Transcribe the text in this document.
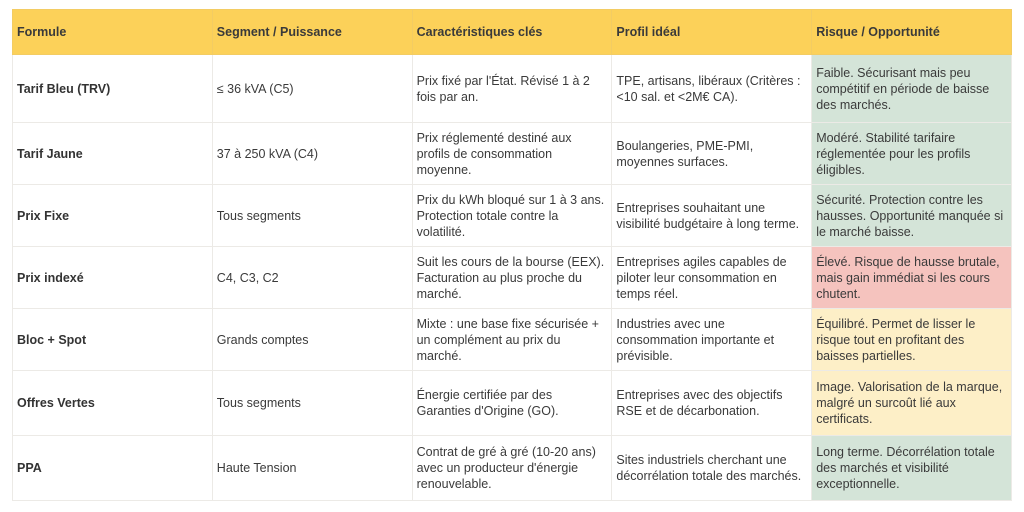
Formule	Segment / Puissance	Caractéristiques clés	Profil idéal	Risque / Opportunité
Tarif Bleu (TRV)	≤ 36 kVA (C5)	Prix fixé par l'État. Révisé 1 à 2 fois par an.	TPE, artisans, libéraux (Critères : <10 sal. et <2M€ CA).	Faible. Sécurisant mais peu compétitif en période de baisse des marchés.
Tarif Jaune	37 à 250 kVA (C4)	Prix réglementé destiné aux profils de consommation moyenne.	Boulangeries, PME-PMI, moyennes surfaces.	Modéré. Stabilité tarifaire réglementée pour les profils éligibles.
Prix Fixe	Tous segments	Prix du kWh bloqué sur 1 à 3 ans. Protection totale contre la volatilité.	Entreprises souhaitant une visibilité budgétaire à long terme.	Sécurité. Protection contre les hausses. Opportunité manquée si le marché baisse.
Prix indexé	C4, C3, C2	Suit les cours de la bourse (EEX). Facturation au plus proche du marché.	Entreprises agiles capables de piloter leur consommation en temps réel.	Élevé. Risque de hausse brutale, mais gain immédiat si les cours chutent.
Bloc + Spot	Grands comptes	Mixte : une base fixe sécurisée + un complément au prix du marché.	Industries avec une consommation importante et prévisible.	Équilibré. Permet de lisser le risque tout en profitant des baisses partielles.
Offres Vertes	Tous segments	Énergie certifiée par des Garanties d'Origine (GO).	Entreprises avec des objectifs RSE et de décarbonation.	Image. Valorisation de la marque, malgré un surcoût lié aux certificats.
PPA	Haute Tension	Contrat de gré à gré (10-20 ans) avec un producteur d'énergie renouvelable.	Sites industriels cherchant une décorrélation totale des marchés.	Long terme. Décorrélation totale des marchés et visibilité exceptionnelle.
